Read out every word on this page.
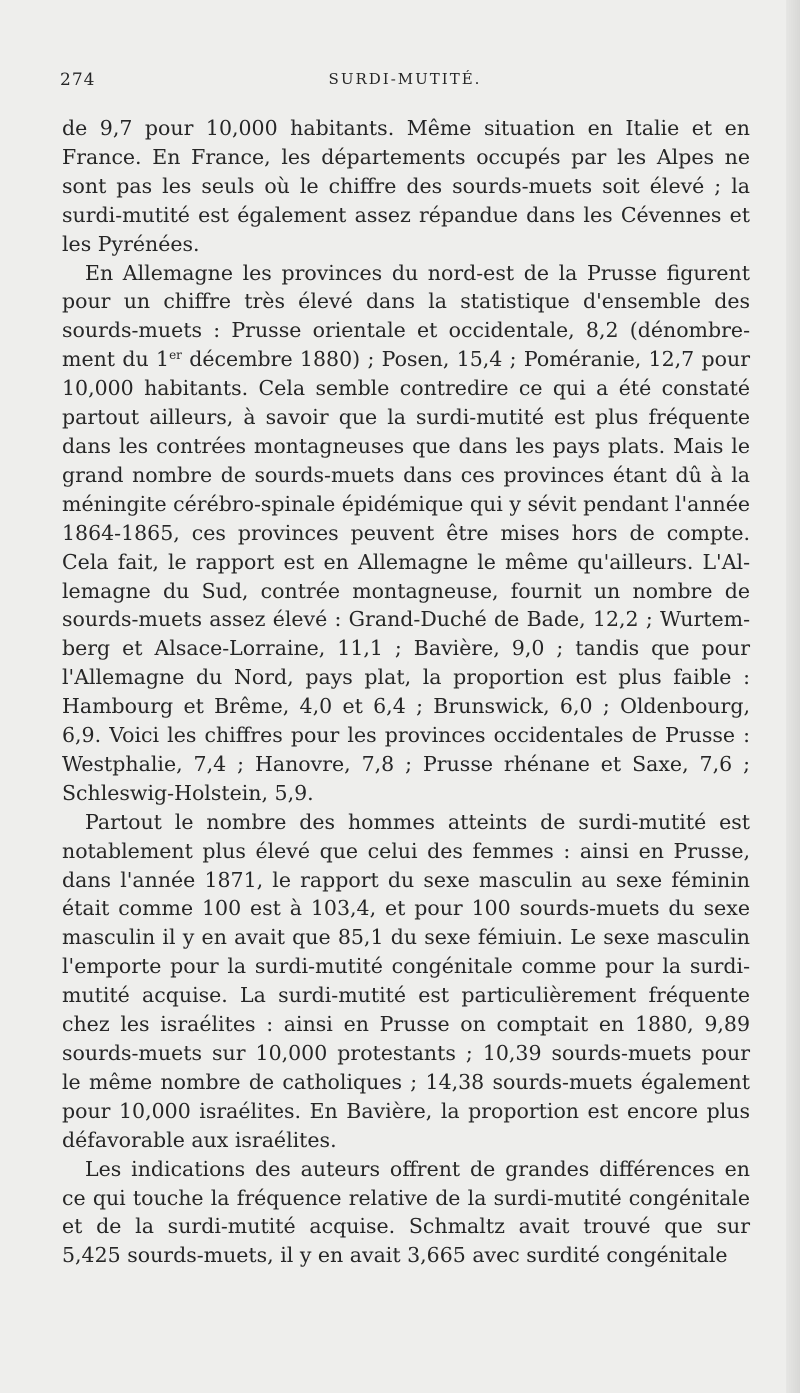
274	SURDI-MUTITÉ.

de 9,7 pour 10,000 habitants. Même situation en Italie et en France. En France, les départements occupés par les Alpes ne sont pas les seuls où le chiffre des sourds-muets soit élevé ; la surdi-mutité est également assez répandue dans les Cévennes et les Pyrénées.

En Allemagne les provinces du nord-est de la Prusse figurent pour un chiffre très élevé dans la statistique d'ensemble des sourds-muets : Prusse orientale et occidentale, 8,2 (dénombrement du 1er décembre 1880) ; Posen, 15,4 ; Poméranie, 12,7 pour 10,000 habitants. Cela semble contredire ce qui a été constaté partout ailleurs, à savoir que la surdi-mutité est plus fréquente dans les contrées montagneuses que dans les pays plats. Mais le grand nombre de sourds-muets dans ces provinces étant dû à la méningite cérébro-spinale épidémique qui y sévit pendant l'année 1864-1865, ces provinces peuvent être mises hors de compte. Cela fait, le rapport est en Allemagne le même qu'ailleurs. L'Allemagne du Sud, contrée montagneuse, fournit un nombre de sourds-muets assez élevé : Grand-Duché de Bade, 12,2 ; Wurtemberg et Alsace-Lorraine, 11,1 ; Bavière, 9,0 ; tandis que pour l'Allemagne du Nord, pays plat, la proportion est plus faible : Hambourg et Brême, 4,0 et 6,4 ; Brunswick, 6,0 ; Oldenbourg, 6,9. Voici les chiffres pour les provinces occidentales de Prusse : Westphalie, 7,4 ; Hanovre, 7,8 ; Prusse rhénane et Saxe, 7,6 ; Schleswig-Holstein, 5,9.

Partout le nombre des hommes atteints de surdi-mutité est notablement plus élevé que celui des femmes : ainsi en Prusse, dans l'année 1871, le rapport du sexe masculin au sexe féminin était comme 100 est à 103,4, et pour 100 sourds-muets du sexe masculin il y en avait que 85,1 du sexe fémiuin. Le sexe masculin l'emporte pour la surdi-mutité congénitale comme pour la surdi-mutité acquise. La surdi-mutité est particulièrement fréquente chez les israélites : ainsi en Prusse on comptait en 1880, 9,89 sourds-muets sur 10,000 protestants ; 10,39 sourds-muets pour le même nombre de catholiques ; 14,38 sourds-muets également pour 10,000 israélites. En Bavière, la proportion est encore plus défavorable aux israélites.

Les indications des auteurs offrent de grandes différences en ce qui touche la fréquence relative de la surdi-mutité congénitale et de la surdi-mutité acquise. Schmaltz avait trouvé que sur 5,425 sourds-muets, il y en avait 3,665 avec surdité congénitale
